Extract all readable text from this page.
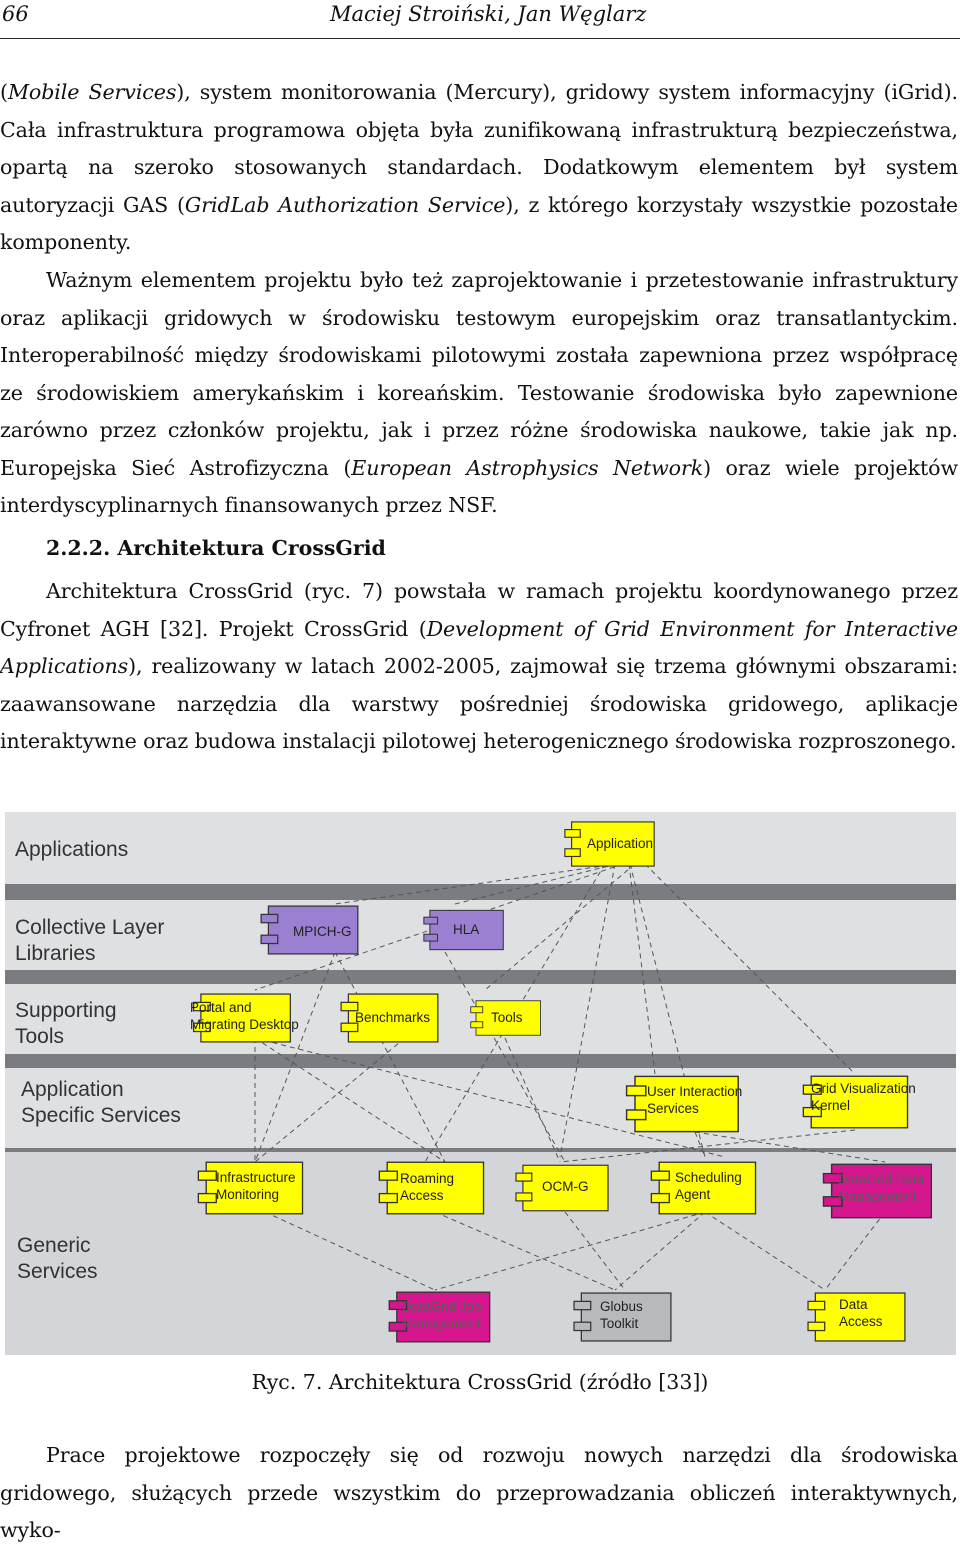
66	Maciej Stroiński, Jan Węglarz
(Mobile Services), system monitorowania (Mercury), gridowy system informacyjny (iGrid). Cała infrastruktura programowa objęta była zunifikowaną infrastrukturą bezpieczeństwa, opartą na szeroko stosowanych standardach. Dodatkowym elementem był system autoryzacji GAS (GridLab Authorization Service), z którego korzystały wszystkie pozostałe komponenty.
Ważnym elementem projektu było też zaprojektowanie i przetestowanie infrastruktury oraz aplikacji gridowych w środowisku testowym europejskim oraz transatlantyckim. Interoperabilność między środowiskami pilotowymi została zapewniona przez współpracę ze środowiskiem amerykańskim i koreańskim. Testowanie środowiska było zapewnione zarówno przez członków projektu, jak i przez różne środowiska naukowe, takie jak np. Europejska Sieć Astrofizyczna (European Astrophysics Network) oraz wiele projektów interdyscyplinarnych finansowanych przez NSF.
2.2.2. Architektura CrossGrid
Architektura CrossGrid (ryc. 7) powstała w ramach projektu koordynowanego przez Cyfronet AGH [32]. Projekt CrossGrid (Development of Grid Environment for Interactive Applications), realizowany w latach 2002-2005, zajmował się trzema głównymi obszarami: zaawansowane narzędzia dla warstwy pośredniej środowiska gridowego, aplikacje interaktywne oraz budowa instalacji pilotowej heterogenicznego środowiska rozproszonego.
Applications
Collective Layer
Libraries
Supporting
Tools
Application
Specific Services
Generic
Services
Application
MPICH-G	HLA
Portal and
Migrating Desktop	Benchmarks	Tools
User Interaction
Services
Grid Visualization
Kernel
Infrastructure
Monitoring
Roaming
Access
OCM-G
Scheduling
Agent
DataGrid Data
Management
DataGrid Job
Management
Globus
Toolkit
Data
Access
Ryc. 7. Architektura CrossGrid (źródło [33])
Prace projektowe rozpoczęły się od rozwoju nowych narzędzi dla środowiska gridowego, służących przede wszystkim do przeprowadzania obliczeń interaktywnych, wyko-
